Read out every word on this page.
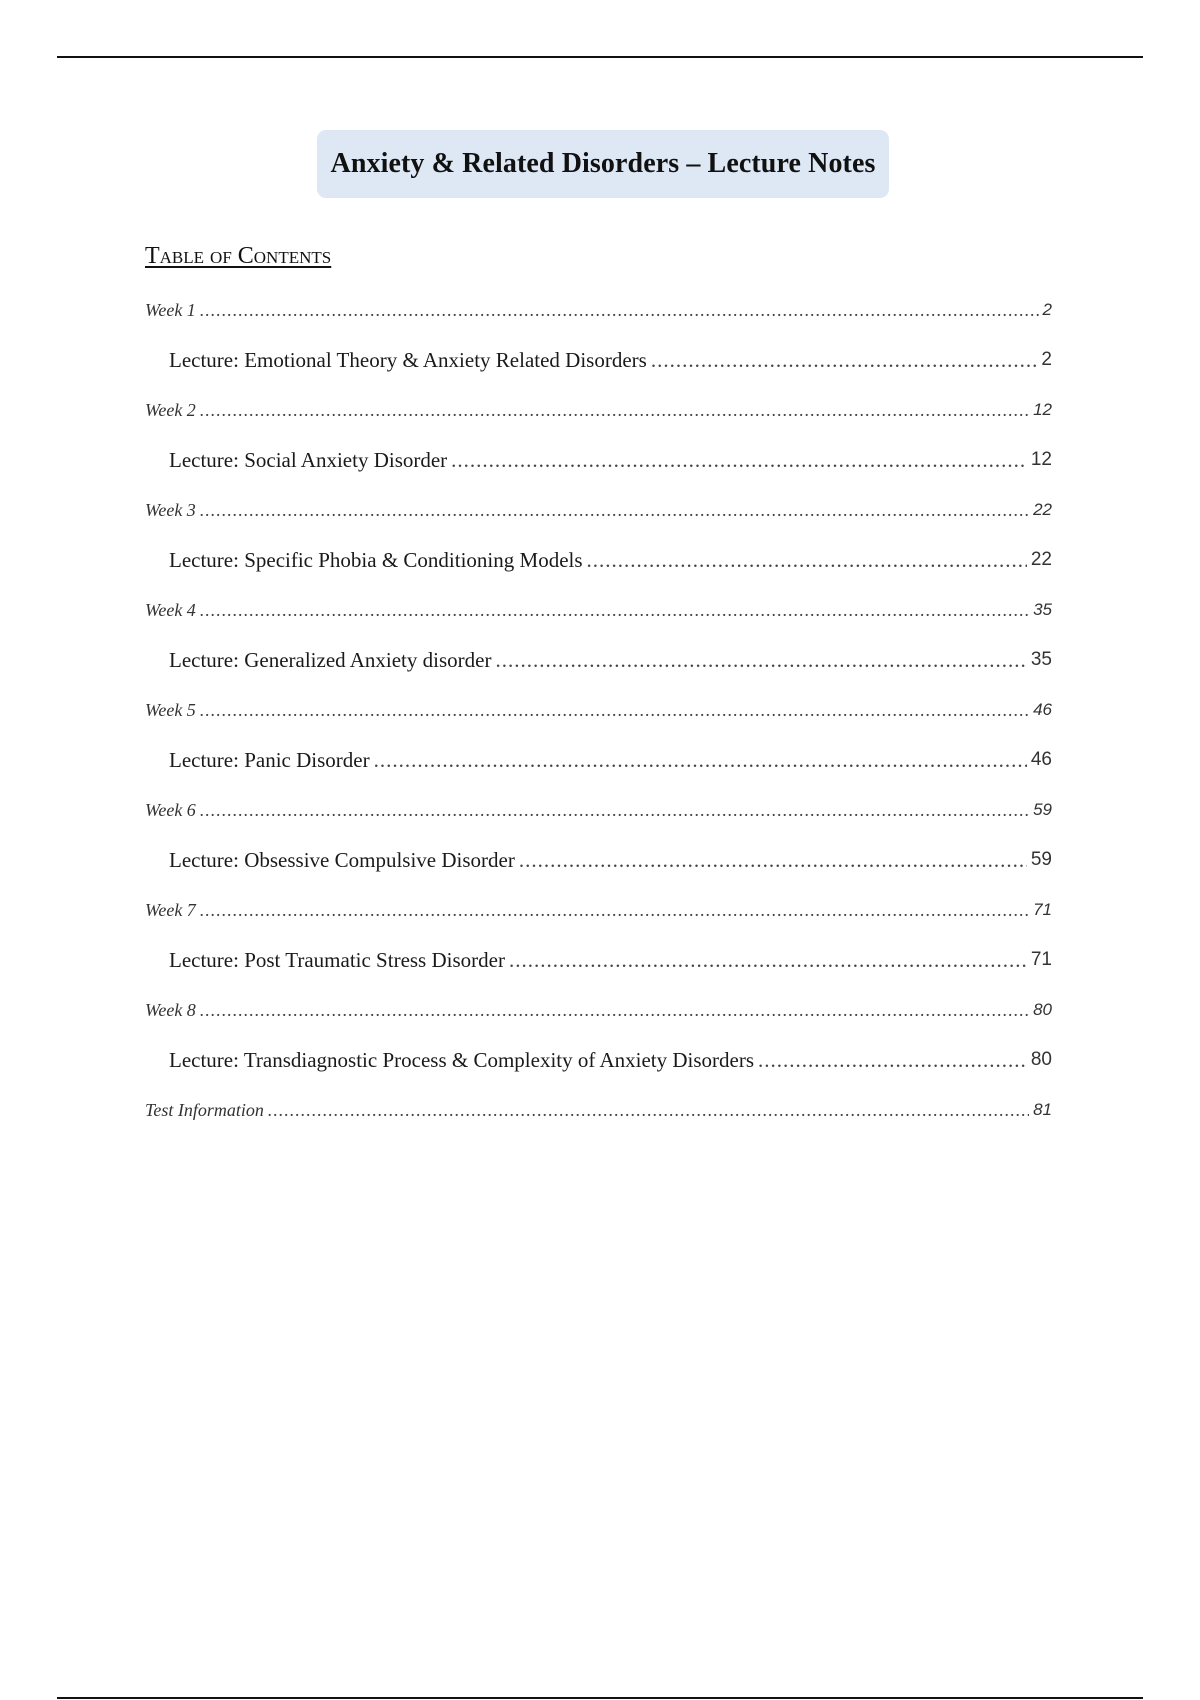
Anxiety & Related Disorders – Lecture Notes
Table of Contents
Week 1 .....	2
Lecture: Emotional Theory & Anxiety Related Disorders .....	2
Week 2 .....	12
Lecture: Social Anxiety Disorder .....	12
Week 3 .....	22
Lecture: Specific Phobia & Conditioning Models .....	22
Week 4 .....	35
Lecture: Generalized Anxiety disorder .....	35
Week 5 .....	46
Lecture: Panic Disorder .....	46
Week 6 .....	59
Lecture: Obsessive Compulsive Disorder .....	59
Week 7 .....	71
Lecture: Post Traumatic Stress Disorder .....	71
Week 8 .....	80
Lecture: Transdiagnostic Process & Complexity of Anxiety Disorders .....	80
Test Information .....	81
